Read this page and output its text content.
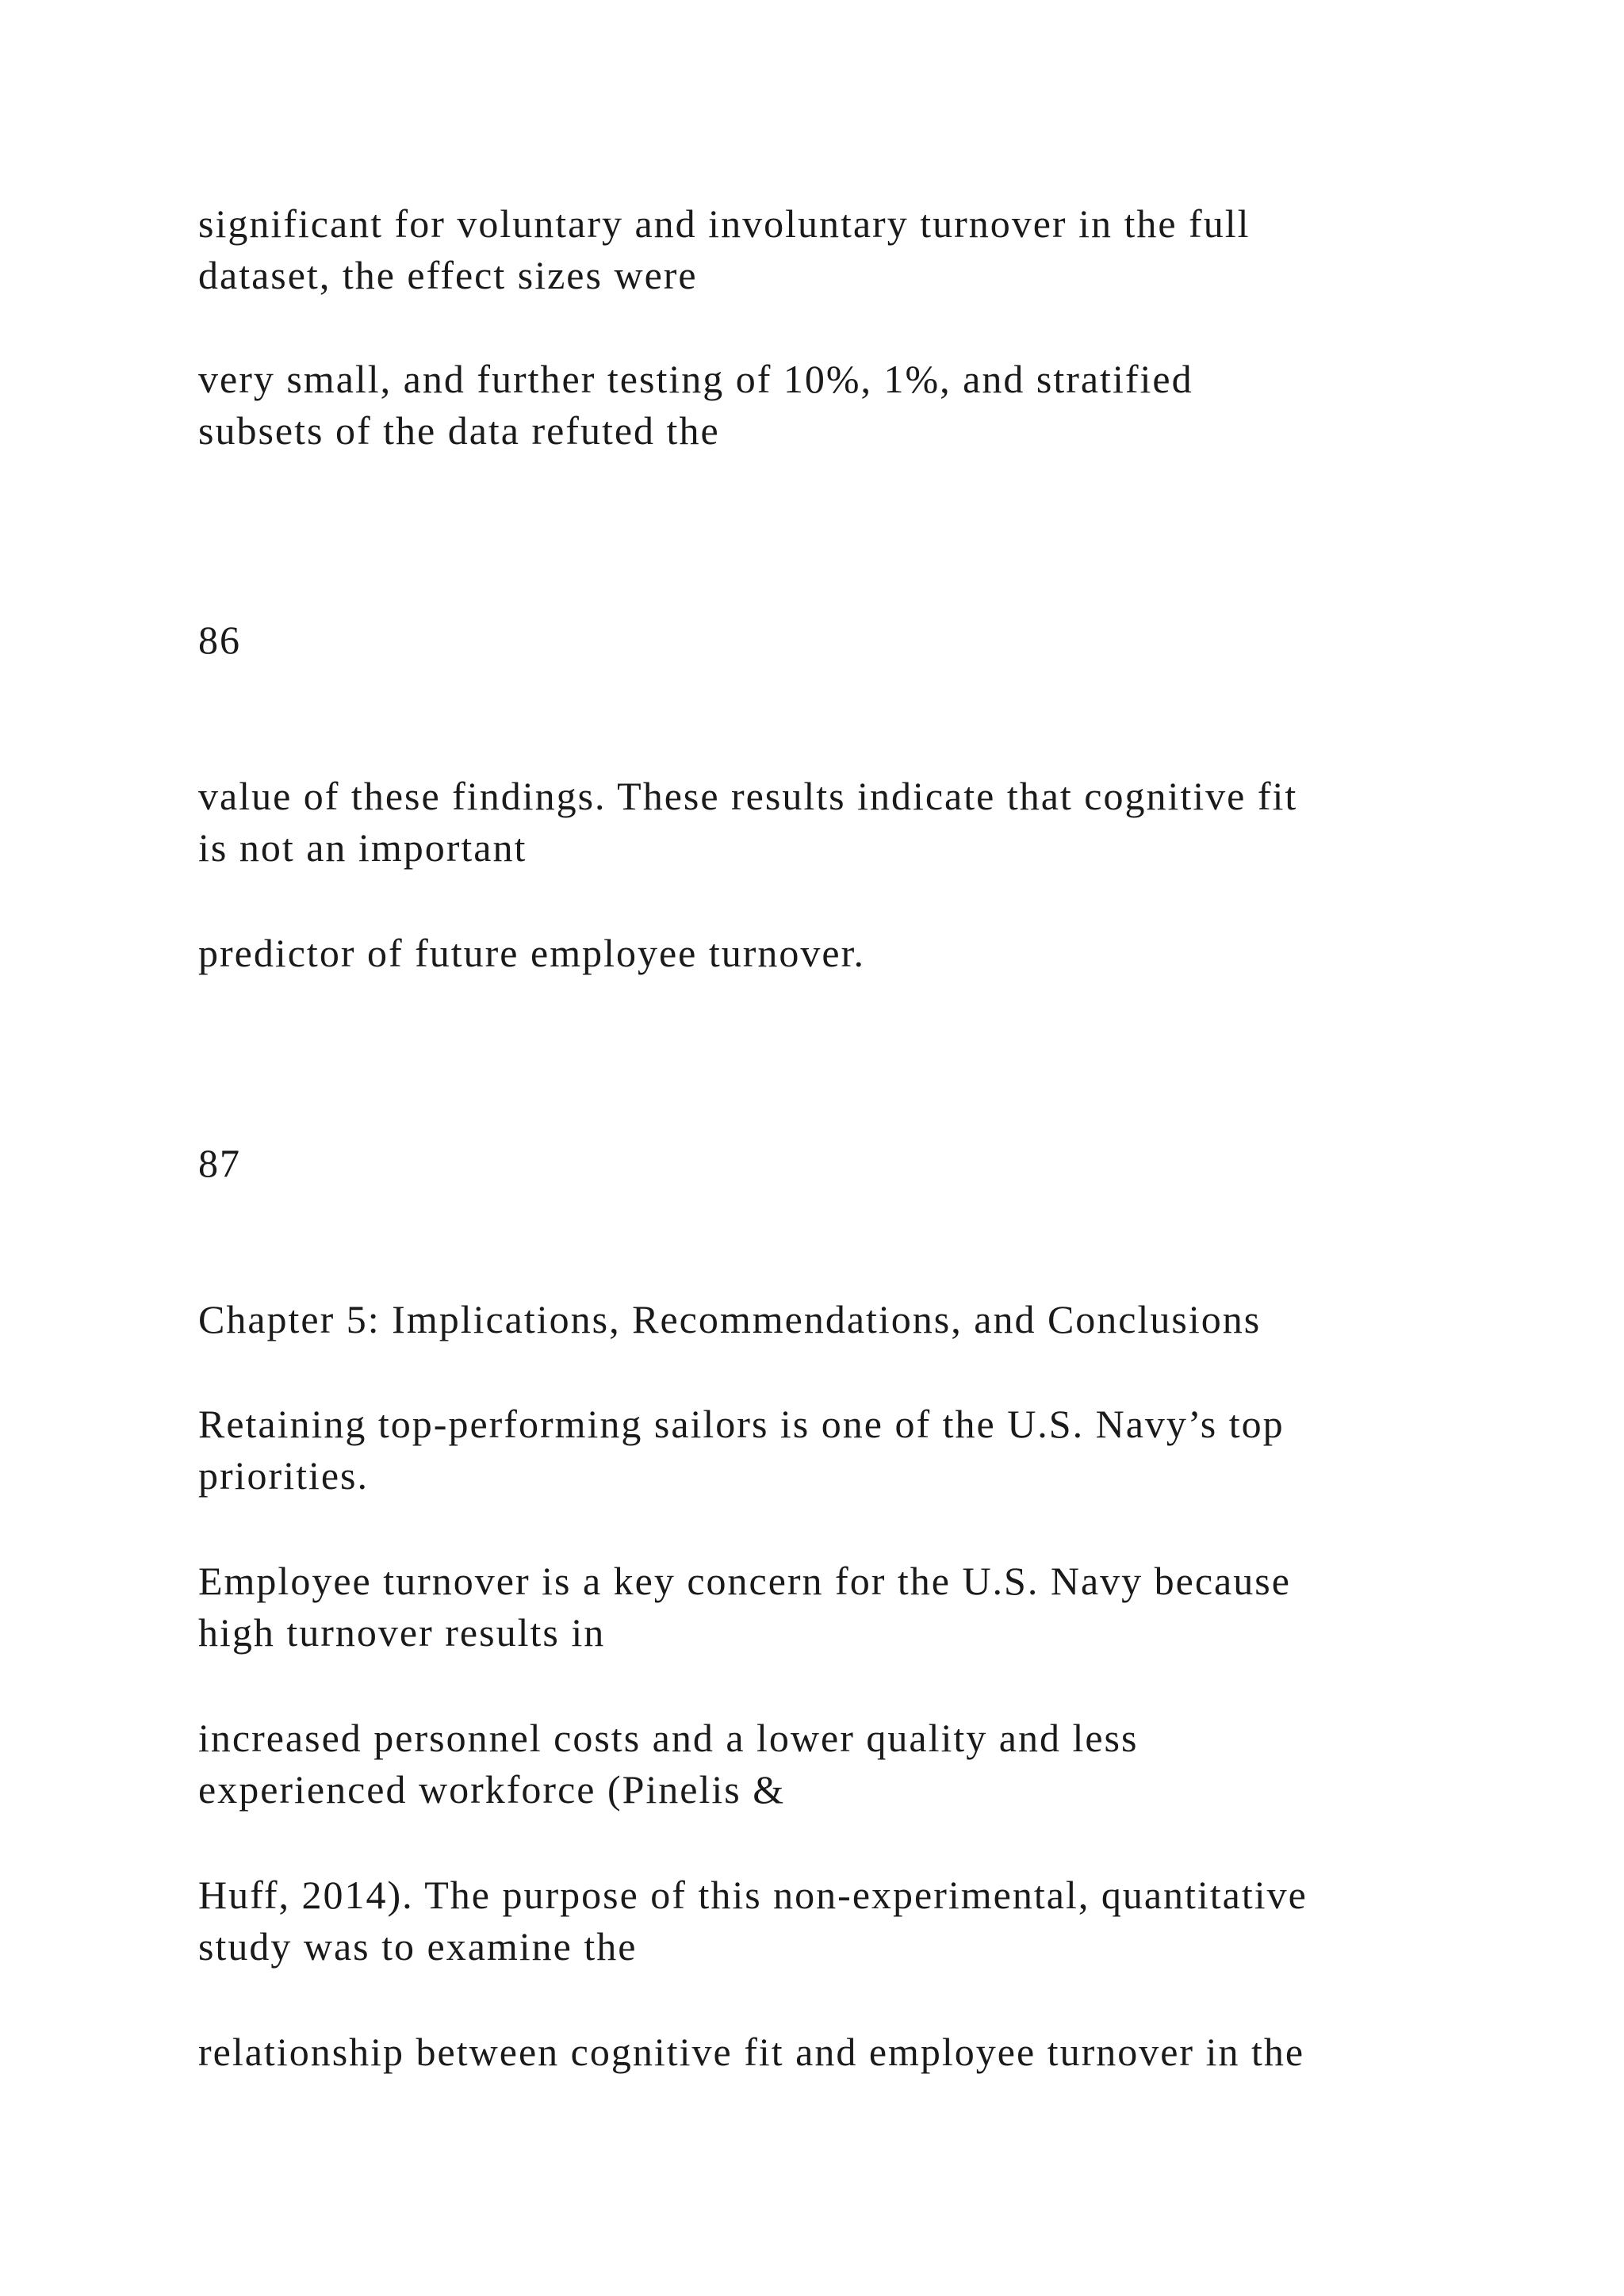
significant for voluntary and involuntary turnover in the full

dataset, the effect sizes were

very small, and further testing of 10%, 1%, and stratified

subsets of the data refuted the

86

value of these findings. These results indicate that cognitive fit

is not an important

predictor of future employee turnover.

87

Chapter 5: Implications, Recommendations, and Conclusions

Retaining top-performing sailors is one of the U.S. Navy’s top

priorities.

Employee turnover is a key concern for the U.S. Navy because

high turnover results in

increased personnel costs and a lower quality and less

experienced workforce (Pinelis &

Huff, 2014). The purpose of this non-experimental, quantitative

study was to examine the

relationship between cognitive fit and employee turnover in the
